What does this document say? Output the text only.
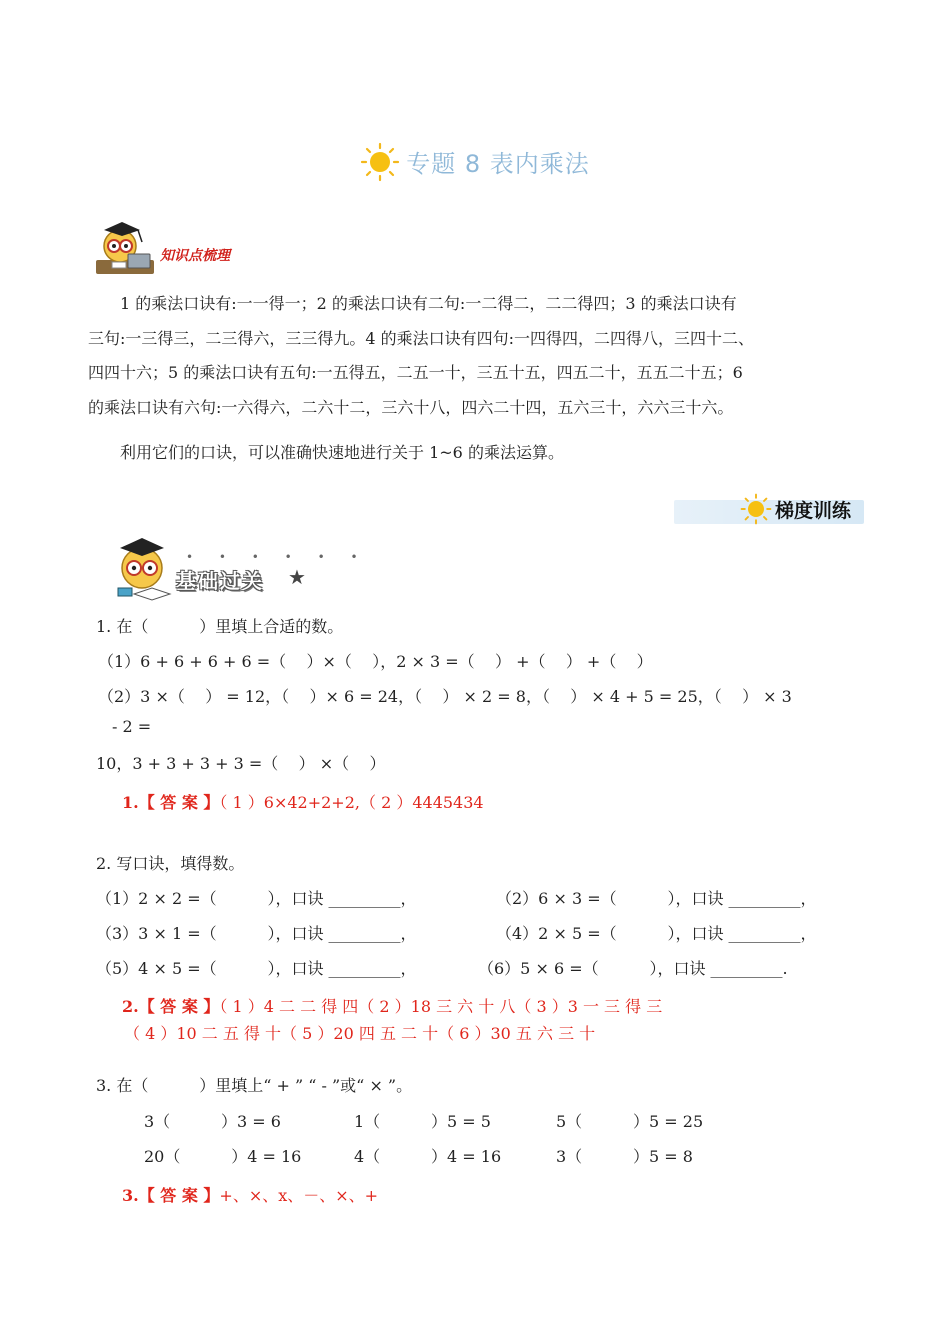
专题 8 表内乘法
知识点梳理

1 的乘法口诀有:一一得一；2 的乘法口诀有二句:一二得二，二二得四；3 的乘法口诀有

三句:一三得三，二三得六，三三得九。4 的乘法口诀有四句:一四得四，二四得八，三四十二、

四四十六；5 的乘法口诀有五句:一五得五，二五一十，三五十五，四五二十，五五二十五；6

的乘法口诀有六句:一六得六，二六十二，三六十八，四六二十四，五六三十，六六三十六。

利用它们的口诀，可以准确快速地进行关于 1~6 的乘法运算。

梯度训练
• • • • • •
基础过关 ★
1. 在（          ）里填上合适的数。
（1）6 + 6 + 6 + 6 =（    ）×（    ），2 × 3 =（    ） +（    ） +（    ）
（2）3 ×（    ） = 12，（    ）× 6 = 24，（    ） × 2 = 8，（    ） × 4 + 5 = 25，（    ） × 3
- 2 =
10，3 + 3 + 3 + 3 =（    ） ×（    ）
1.【 答 案 】（ 1 ）6×42+2+2,（ 2 ）4445434
2. 写口诀，填得数。
（1）2 × 2 =（          ），口诀 _________，	（2）6 × 3 =（          ），口诀 _________，
（3）3 × 1 =（          ），口诀 _________，	（4）2 × 5 =（          ），口诀 _________，
（5）4 × 5 =（          ），口诀 _________，	（6）5 × 6 =（          ），口诀 _________.
2.【 答 案 】（ 1 ）4 二 二 得 四（ 2 ）18 三 六 十 八（ 3 ）3 一 三 得 三
（ 4 ）10 二 五 得 十（ 5 ）20 四 五 二 十（ 6 ）30 五 六 三 十
3. 在（          ）里填上“ + ” “ - ”或“ × ”。
3（          ）3 = 6	1（          ）5 = 5	5（          ）5 = 25
20（          ）4 = 16	4（          ）4 = 16	3（          ）5 = 8
3.【 答 案 】+、×、x、－、×、+
